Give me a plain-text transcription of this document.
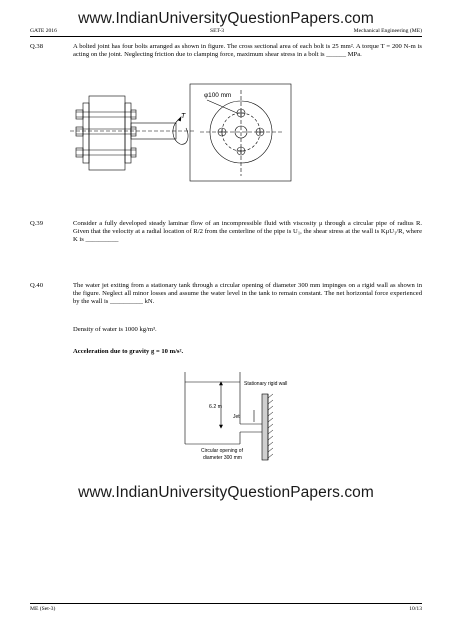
www.IndianUniversityQuestionPapers.com
GATE 2016	SET-3	Mechanical Engineering (ME)
Q.38	A bolted joint has four bolts arranged as shown in figure. The cross sectional area of each bolt is 25 mm². A torque T = 200 N-m is acting on the joint. Neglecting friction due to clamping force, maximum shear stress in a bolt is ______ MPa.
T
φ100 mm
6.2 m
Stationary rigid wall
Jet
Circular opening of
diameter 300 mm
Q.39	Consider a fully developed steady laminar flow of an incompressible fluid with viscosity μ through a circular pipe of radius R. Given that the velocity at a radial location of R/2 from the centerline of the pipe is U₁, the shear stress at the wall is KμU₁/R, where K is __________
Q.40	The water jet exiting from a stationary tank through a circular opening of diameter 300 mm impinges on a rigid wall as shown in the figure. Neglect all minor losses and assume the water level in the tank to remain constant. The net horizontal force experienced by the wall is __________ kN.
Density of water is 1000 kg/m³.
Acceleration due to gravity g = 10 m/s².
www.IndianUniversityQuestionPapers.com
ME (Set-3)	10/13
